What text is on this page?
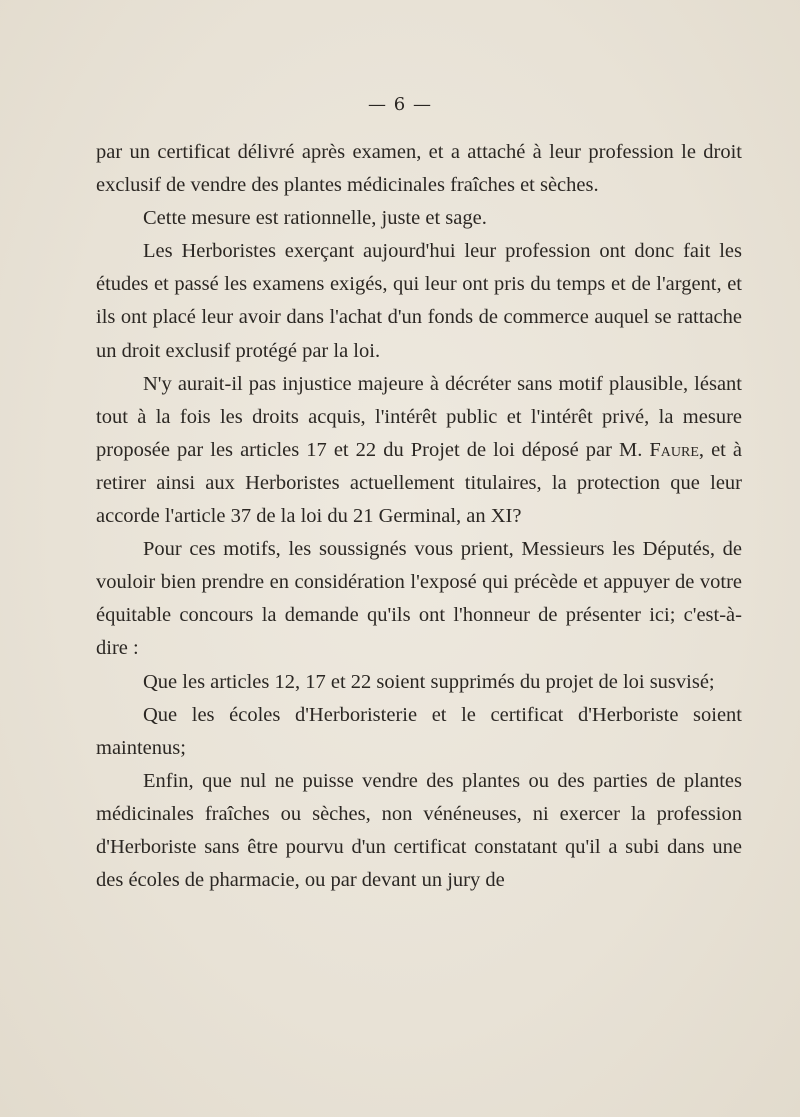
— 6 —

par un certificat délivré après examen, et a attaché à leur profession le droit exclusif de vendre des plantes médicinales fraîches et sèches.

Cette mesure est rationnelle, juste et sage.

Les Herboristes exerçant aujourd'hui leur profession ont donc fait les études et passé les examens exigés, qui leur ont pris du temps et de l'argent, et ils ont placé leur avoir dans l'achat d'un fonds de commerce auquel se rattache un droit exclusif protégé par la loi.

N'y aurait-il pas injustice majeure à décréter sans motif plausible, lésant tout à la fois les droits acquis, l'intérêt public et l'intérêt privé, la mesure proposée par les articles 17 et 22 du Projet de loi déposé par M. Faure, et à retirer ainsi aux Herboristes actuellement titulaires, la protection que leur accorde l'article 37 de la loi du 21 Germinal, an XI?

Pour ces motifs, les soussignés vous prient, Messieurs les Députés, de vouloir bien prendre en considération l'exposé qui précède et appuyer de votre équitable concours la demande qu'ils ont l'honneur de présenter ici; c'est-à-dire :

Que les articles 12, 17 et 22 soient supprimés du projet de loi susvisé;

Que les écoles d'Herboristerie et le certificat d'Herboriste soient maintenus;

Enfin, que nul ne puisse vendre des plantes ou des parties de plantes médicinales fraîches ou sèches, non vénéneuses, ni exercer la profession d'Herboriste sans être pourvu d'un certificat constatant qu'il a subi dans une des écoles de pharmacie, ou par devant un jury de
